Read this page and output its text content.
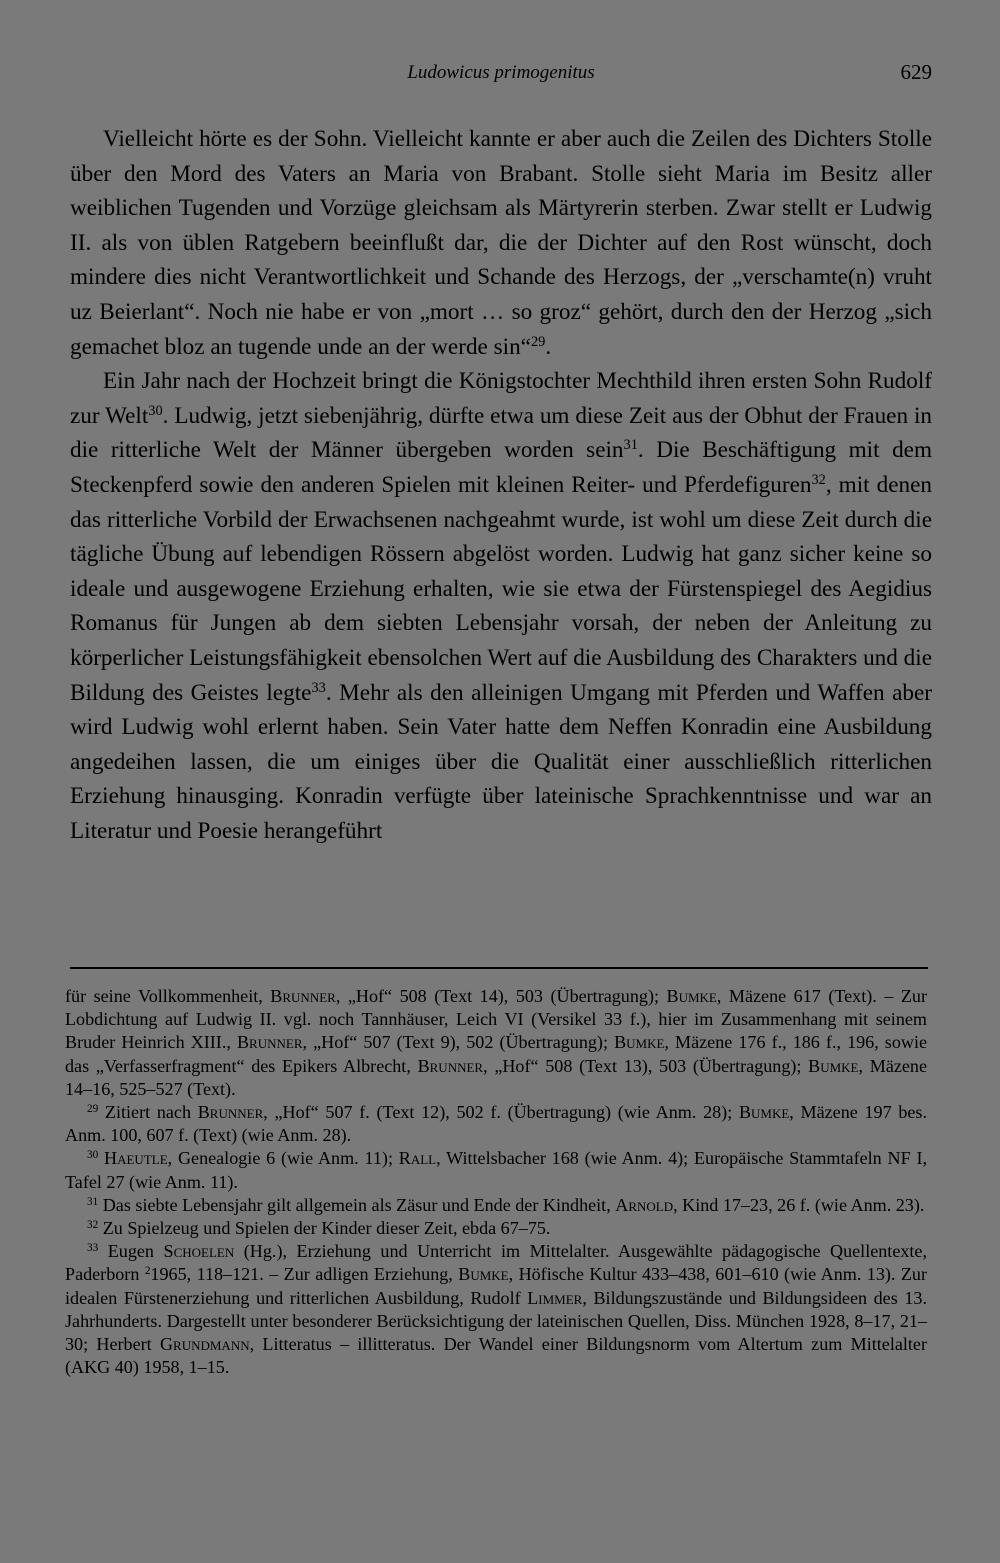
Ludowicus primogenitus	629

Vielleicht hörte es der Sohn. Vielleicht kannte er aber auch die Zeilen des Dichters Stolle über den Mord des Vaters an Maria von Brabant. Stolle sieht Maria im Besitz aller weiblichen Tugenden und Vorzüge gleichsam als Märtyrerin sterben. Zwar stellt er Ludwig II. als von üblen Ratgebern beeinflußt dar, die der Dichter auf den Rost wünscht, doch mindere dies nicht Verantwortlichkeit und Schande des Herzogs, der „verschamte(n) vruht uz Beierlant“. Noch nie habe er von „mort … so groz“ gehört, durch den der Herzog „sich gemachet bloz an tugende unde an der werde sin“$^{29}$.

Ein Jahr nach der Hochzeit bringt die Königstochter Mechthild ihren ersten Sohn Rudolf zur Welt$^{30}$. Ludwig, jetzt siebenjährig, dürfte etwa um diese Zeit aus der Obhut der Frauen in die ritterliche Welt der Männer übergeben worden sein$^{31}$. Die Beschäftigung mit dem Steckenpferd sowie den anderen Spielen mit kleinen Reiter- und Pferdefiguren$^{32}$, mit denen das ritterliche Vorbild der Erwachsenen nachgeahmt wurde, ist wohl um diese Zeit durch die tägliche Übung auf lebendigen Rössern abgelöst worden. Ludwig hat ganz sicher keine so ideale und ausgewogene Erziehung erhalten, wie sie etwa der Fürstenspiegel des Aegidius Romanus für Jungen ab dem siebten Lebensjahr vorsah, der neben der Anleitung zu körperlicher Leistungsfähigkeit ebensolchen Wert auf die Ausbildung des Charakters und die Bildung des Geistes legte$^{33}$. Mehr als den alleinigen Umgang mit Pferden und Waffen aber wird Ludwig wohl erlernt haben. Sein Vater hatte dem Neffen Konradin eine Ausbildung angedeihen lassen, die um einiges über die Qualität einer ausschließlich ritterlichen Erziehung hinausging. Konradin verfügte über lateinische Sprachkenntnisse und war an Literatur und Poesie herangeführt

für seine Vollkommenheit, Brunner, „Hof“ 508 (Text 14), 503 (Übertragung); Bumke, Mäzene 617 (Text). – Zur Lobdichtung auf Ludwig II. vgl. noch Tannhäuser, Leich VI (Versikel 33 f.), hier im Zusammenhang mit seinem Bruder Heinrich XIII., Brunner, „Hof“ 507 (Text 9), 502 (Übertragung); Bumke, Mäzene 176 f., 186 f., 196, sowie das „Verfasserfragment“ des Epikers Albrecht, Brunner, „Hof“ 508 (Text 13), 503 (Übertragung); Bumke, Mäzene 14–16, 525–527 (Text).

$^{29}$ Zitiert nach Brunner, „Hof“ 507 f. (Text 12), 502 f. (Übertragung) (wie Anm. 28); Bumke, Mäzene 197 bes. Anm. 100, 607 f. (Text) (wie Anm. 28).

$^{30}$ Haeutle, Genealogie 6 (wie Anm. 11); Rall, Wittelsbacher 168 (wie Anm. 4); Europäische Stammtafeln NF I, Tafel 27 (wie Anm. 11).

$^{31}$ Das siebte Lebensjahr gilt allgemein als Zäsur und Ende der Kindheit, Arnold, Kind 17–23, 26 f. (wie Anm. 23).

$^{32}$ Zu Spielzeug und Spielen der Kinder dieser Zeit, ebda 67–75.

$^{33}$ Eugen Schoelen (Hg.), Erziehung und Unterricht im Mittelalter. Ausgewählte pädagogische Quellentexte, Paderborn $^2$1965, 118–121. – Zur adligen Erziehung, Bumke, Höfische Kultur 433–438, 601–610 (wie Anm. 13). Zur idealen Fürstenerziehung und ritterlichen Ausbildung, Rudolf Limmer, Bildungszustände und Bildungsideen des 13. Jahrhunderts. Dargestellt unter besonderer Berücksichtigung der lateinischen Quellen, Diss. München 1928, 8–17, 21–30; Herbert Grundmann, Litteratus – illitteratus. Der Wandel einer Bildungsnorm vom Altertum zum Mittelalter (AKG 40) 1958, 1–15.
